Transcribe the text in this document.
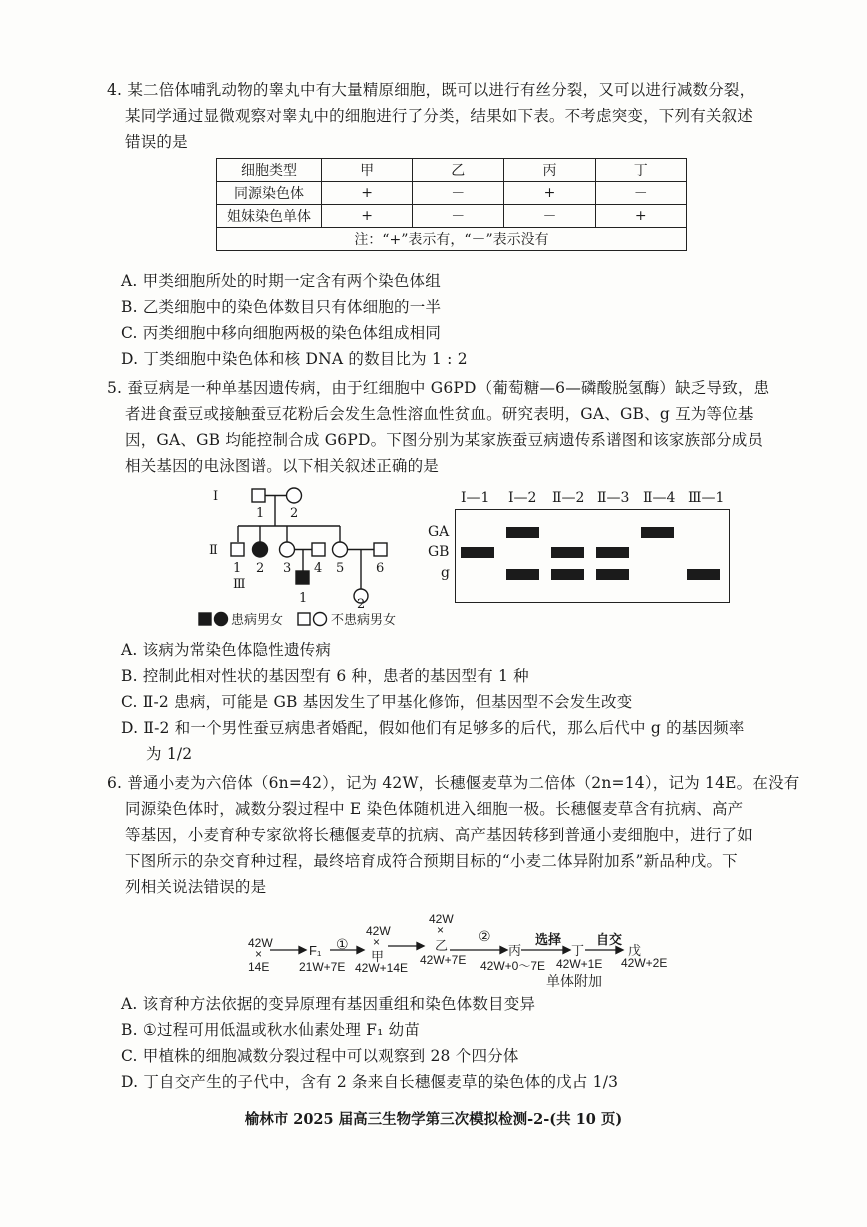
4. 某二倍体哺乳动物的睾丸中有大量精原细胞，既可以进行有丝分裂，又可以进行减数分裂，
某同学通过显微观察对睾丸中的细胞进行了分类，结果如下表。不考虑突变，下列有关叙述
错误的是
细胞类型	甲	乙	丙	丁
同源染色体	+	－	+	－
姐妹染色单体	+	－	－	+
注：“+”表示有，“－”表示没有				
A. 甲类细胞所处的时期一定含有两个染色体组
B. 乙类细胞中的染色体数目只有体细胞的一半
C. 丙类细胞中移向细胞两极的染色体组成相同
D. 丁类细胞中染色体和核 DNA 的数目比为 1 : 2
5. 蚕豆病是一种单基因遗传病，由于红细胞中 G6PD（葡萄糖—6—磷酸脱氢酶）缺乏导致，患
者进食蚕豆或接触蚕豆花粉后会发生急性溶血性贫血。研究表明，GA、GB、g 互为等位基
因，GA、GB 均能控制合成 G6PD。下图分别为某家族蚕豆病遗传系谱图和该家族部分成员
相关基因的电泳图谱。以下相关叙述正确的是
Ⅰ
Ⅱ
Ⅲ
1 2
1 2 3 4 5 6
1	2
患病男女	不患病男女
Ⅰ—1 Ⅰ—2 Ⅱ—2 Ⅱ—3 Ⅱ—4 Ⅲ—1
GA
GB
g
A. 该病为常染色体隐性遗传病
B. 控制此相对性状的基因型有 6 种，患者的基因型有 1 种
C. Ⅱ-2 患病，可能是 GB 基因发生了甲基化修饰，但基因型不会发生改变
D. Ⅱ-2 和一个男性蚕豆病患者婚配，假如他们有足够多的后代，那么后代中 g 的基因频率
为 1/2
6. 普通小麦为六倍体（6n=42），记为 42W，长穗偃麦草为二倍体（2n=14），记为 14E。在没有
同源染色体时，减数分裂过程中 E 染色体随机进入细胞一极。长穗偃麦草含有抗病、高产
等基因，小麦育种专家欲将长穗偃麦草的抗病、高产基因转移到普通小麦细胞中，进行了如
下图所示的杂交育种过程，最终培育成符合预期目标的“小麦二体异附加系”新品种戊。下
列相关说法错误的是
42W
×
14E
F₁
21W+7E
①
42W
×
甲
42W+14E
42W
×
乙
42W+7E
②
丙
42W+0～7E
选择
丁
42W+1E
单体附加
自交
戊
42W+2E
A. 该育种方法依据的变异原理有基因重组和染色体数目变异
B. ①过程可用低温或秋水仙素处理 F₁ 幼苗
C. 甲植株的细胞减数分裂过程中可以观察到 28 个四分体
D. 丁自交产生的子代中，含有 2 条来自长穗偃麦草的染色体的戊占 1/3
榆林市 2025 届高三生物学第三次模拟检测-2-(共 10 页)
